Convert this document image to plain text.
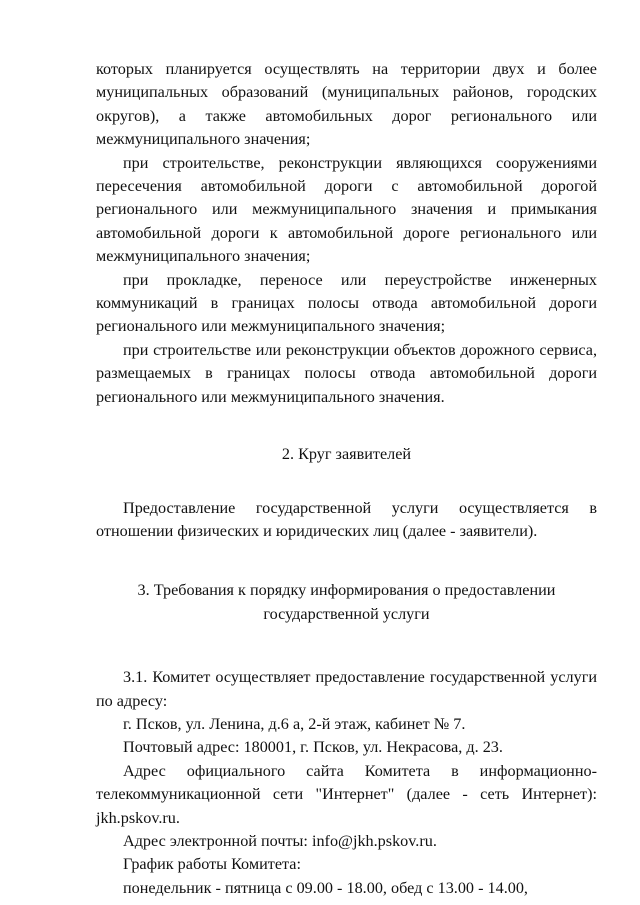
которых планируется осуществлять на территории двух и более муниципальных образований (муниципальных районов, городских округов), а также автомобильных дорог регионального или межмуниципального значения;

при строительстве, реконструкции являющихся сооружениями пересечения автомобильной дороги с автомобильной дорогой регионального или межмуниципального значения и примыкания автомобильной дороги к автомобильной дороге регионального или межмуниципального значения;

при прокладке, переносе или переустройстве инженерных коммуникаций в границах полосы отвода автомобильной дороги регионального или межмуниципального значения;

при строительстве или реконструкции объектов дорожного сервиса, размещаемых в границах полосы отвода автомобильной дороги регионального или межмуниципального значения.

2. Круг заявителей

Предоставление государственной услуги осуществляется в отношении физических и юридических лиц (далее - заявители).

3. Требования к порядку информирования о предоставлении
государственной услуги

3.1. Комитет осуществляет предоставление государственной услуги по адресу:

г. Псков, ул. Ленина, д.6 а, 2-й этаж, кабинет № 7.

Почтовый адрес: 180001, г. Псков, ул. Некрасова, д. 23.

Адрес официального сайта Комитета в информационно-телекоммуникационной сети "Интернет" (далее - сеть Интернет): jkh.pskov.ru.

Адрес электронной почты: info@jkh.pskov.ru.

График работы Комитета:

понедельник - пятница с 09.00 - 18.00, обед с 13.00 - 14.00,
